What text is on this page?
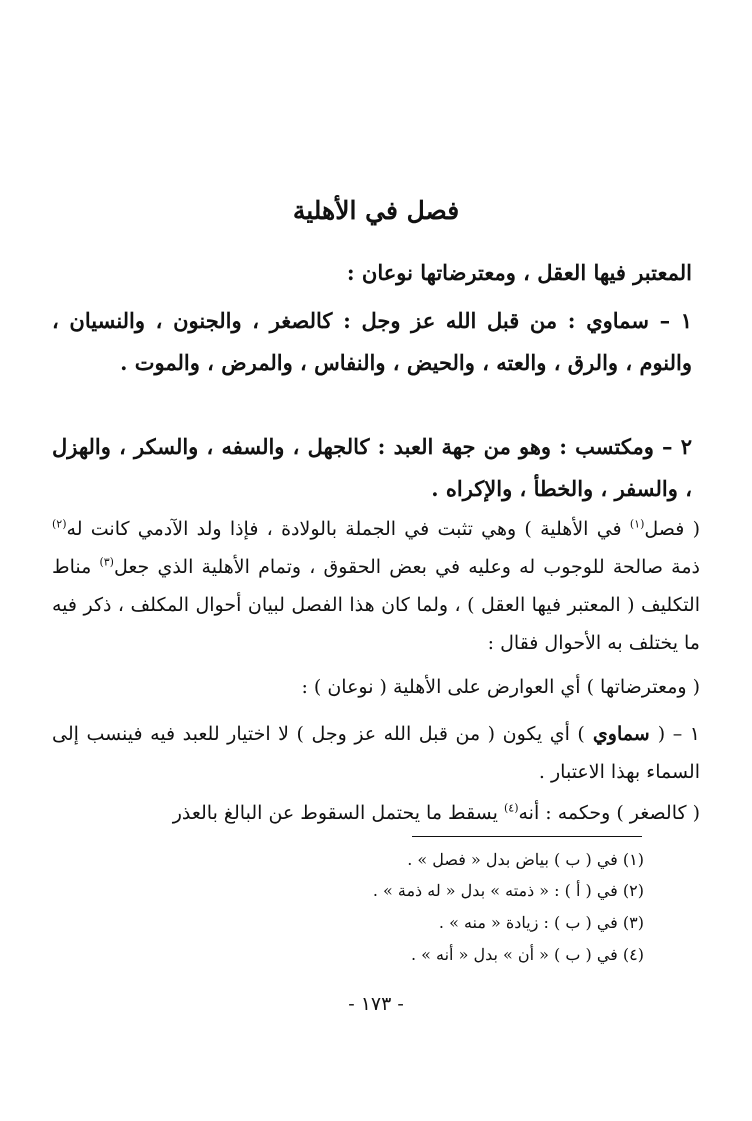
فصل في الأهلية
المعتبر فيها العقل ، ومعترضاتها نوعان :
١ – سماوي : من قبل الله عز وجل : كالصغر ، والجنون ، والنسيان ، والنوم ، والرق ، والعته ، والحيض ، والنفاس ، والمرض ، والموت .
٢ – ومكتسب : وهو من جهة العبد : كالجهل ، والسفه ، والسكر ، والهزل ، والسفر ، والخطأ ، والإكراه .
( فصل$^{(١)}$ في الأهلية ) وهي تثبت في الجملة بالولادة ، فإذا ولد الآدمي كانت له$^{(٢)}$ ذمة صالحة للوجوب له وعليه في بعض الحقوق ، وتمام الأهلية الذي جعل$^{(٣)}$ مناط التكليف ( المعتبر فيها العقل ) ، ولما كان هذا الفصل لبيان أحوال المكلف ، ذكر فيه ما يختلف به الأحوال فقال :
( ومعترضاتها ) أي العوارض على الأهلية ( نوعان ) :
١ – ( سماوي ) أي يكون ( من قبل الله عز وجل ) لا اختيار للعبد فيه فينسب إلى السماء بهذا الاعتبار .
( كالصغر ) وحكمه : أنه$^{(٤)}$ يسقط ما يحتمل السقوط عن البالغ بالعذر
(١) في ( ب ) بياض بدل « فصل » .
(٢) في ( أ ) : « ذمته » بدل « له ذمة » .
(٣) في ( ب ) : زيادة « منه » .
(٤) في ( ب ) « أن » بدل « أنه » .
- ١٧٣ -
